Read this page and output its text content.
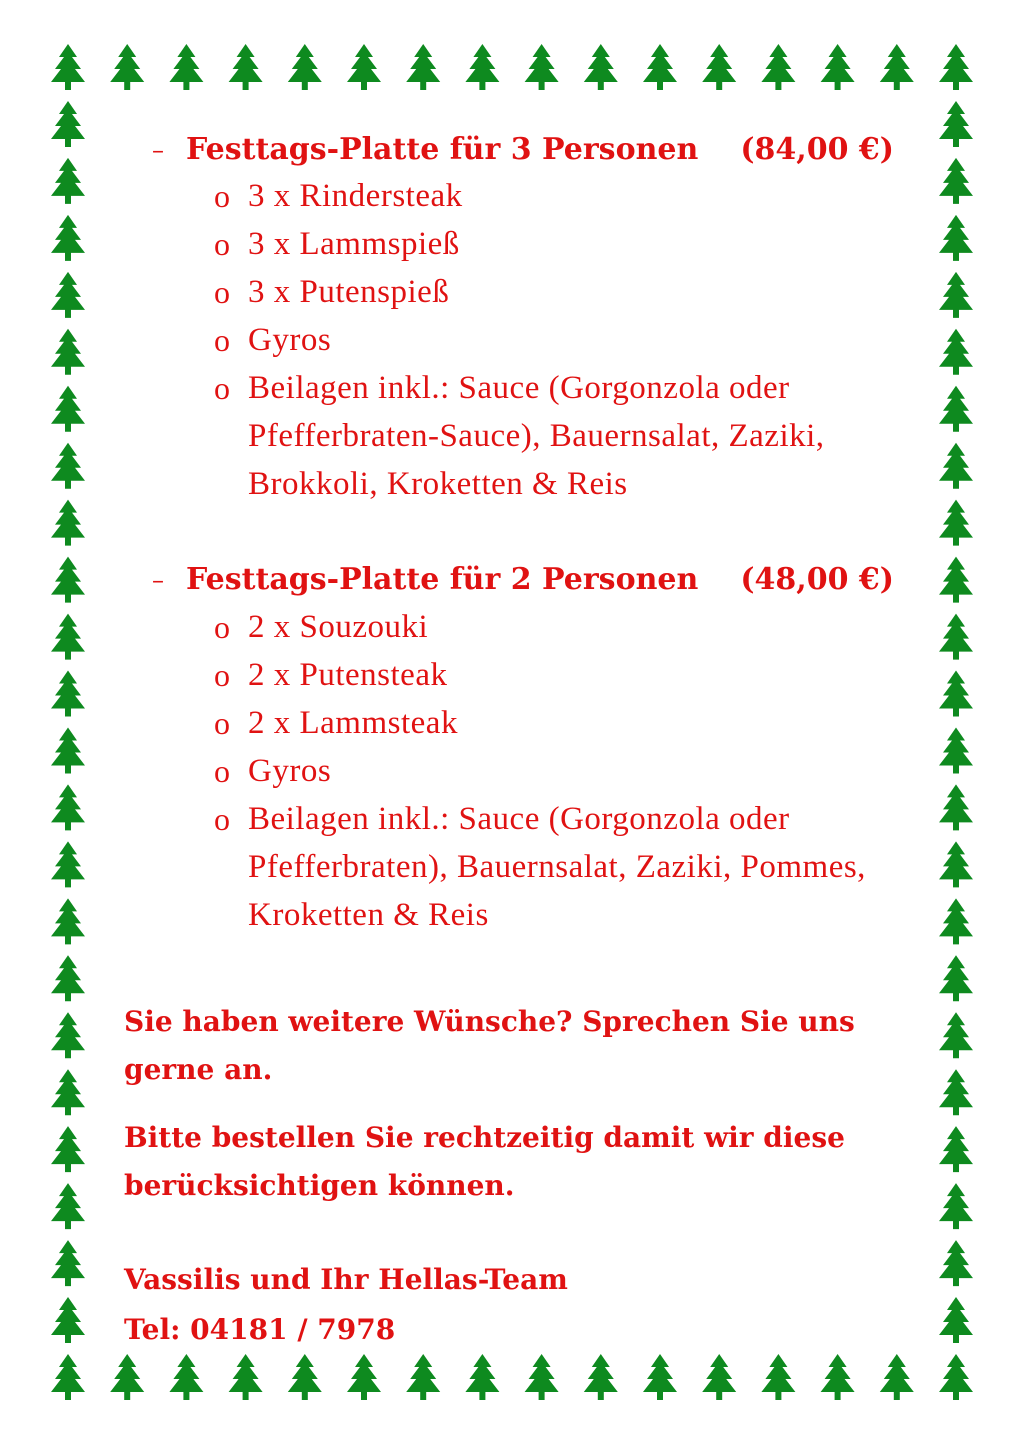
– Festtags-Platte für 3 Personen (84,00 €)
o 3 x Rindersteak
o 3 x Lammspieß
o 3 x Putenspieß
o Gyros
o Beilagen inkl.: Sauce (Gorgonzola oder Pfefferbraten-Sauce), Bauernsalat, Zaziki, Brokkoli, Kroketten & Reis
– Festtags-Platte für 2 Personen (48,00 €)
o 2 x Souzouki
o 2 x Putensteak
o 2 x Lammsteak
o Gyros
o Beilagen inkl.: Sauce (Gorgonzola oder Pfefferbraten), Bauernsalat, Zaziki, Pommes, Kroketten & Reis

Sie haben weitere Wünsche? Sprechen Sie uns gerne an.

Bitte bestellen Sie rechtzeitig damit wir diese berücksichtigen können.

Vassilis und Ihr Hellas-Team

Tel: 04181 / 7978
